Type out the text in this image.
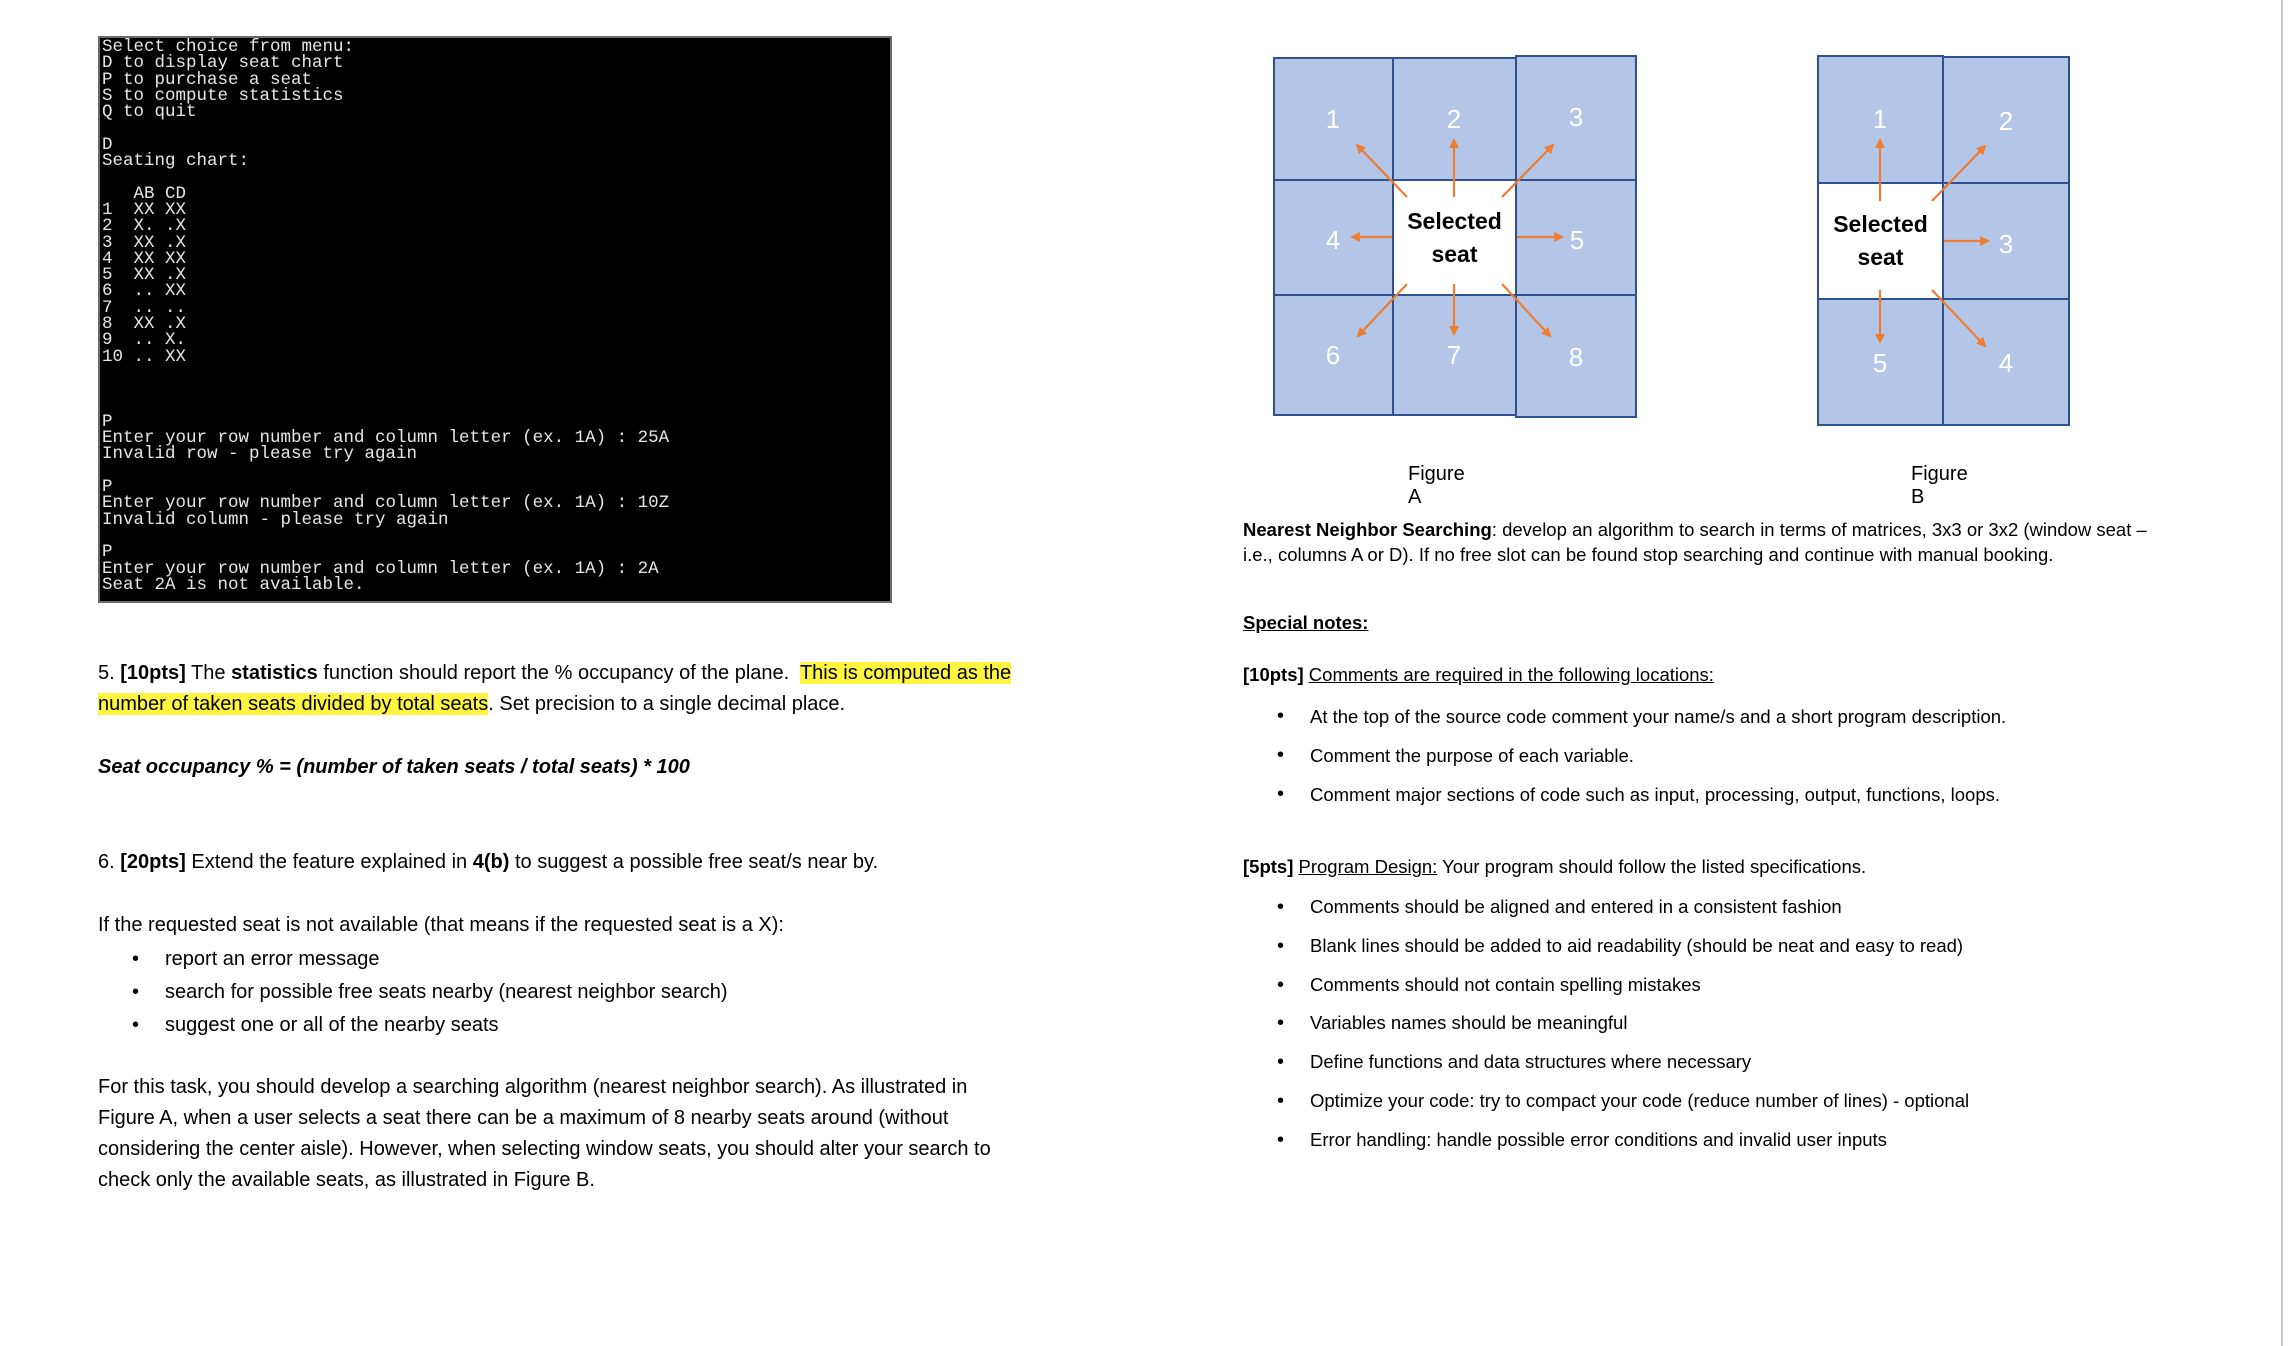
Select choice from menu:
D to display seat chart
P to purchase a seat
S to compute statistics
Q to quit

D
Seating chart:

AB CD
1  XX XX
2  X. .X
3  XX .X
4  XX XX
5  XX .X
6  .. XX
7  .. ..
8  XX .X
9  .. X.
10 .. XX

P
Enter your row number and column letter (ex. 1A) : 25A
Invalid row - please try again

P
Enter your row number and column letter (ex. 1A) : 10Z
Invalid column - please try again

P
Enter your row number and column letter (ex. 1A) : 2A
Seat 2A is not available.
5. [10pts] The statistics function should report the % occupancy of the plane. This is computed as the
number of taken seats divided by total seats. Set precision to a single decimal place.
Seat occupancy % = (number of taken seats / total seats) * 100
6. [20pts] Extend the feature explained in 4(b) to suggest a possible free seat/s near by.
If the requested seat is not available (that means if the requested seat is a X):
• report an error message
• search for possible free seats nearby (nearest neighbor search)
• suggest one or all of the nearby seats
For this task, you should develop a searching algorithm (nearest neighbor search). As illustrated in
Figure A, when a user selects a seat there can be a maximum of 8 nearby seats around (without
considering the center aisle). However, when selecting window seats, you should alter your search to
check only the available seats, as illustrated in Figure B.
Selected
seat
1	2	3
4	5
6	7	8
Figure A
Selected
seat
1	2
3
4
5
Figure B
Nearest Neighbor Searching: develop an algorithm to search in terms of matrices, 3x3 or 3x2 (window seat –
i.e., columns A or D). If no free slot can be found stop searching and continue with manual booking.
Special notes:
[10pts] Comments are required in the following locations:
• At the top of the source code comment your name/s and a short program description.
• Comment the purpose of each variable.
• Comment major sections of code such as input, processing, output, functions, loops.
[5pts] Program Design: Your program should follow the listed specifications.
• Comments should be aligned and entered in a consistent fashion
• Blank lines should be added to aid readability (should be neat and easy to read)
• Comments should not contain spelling mistakes
• Variables names should be meaningful
• Define functions and data structures where necessary
• Optimize your code: try to compact your code (reduce number of lines) - optional
• Error handling: handle possible error conditions and invalid user inputs
